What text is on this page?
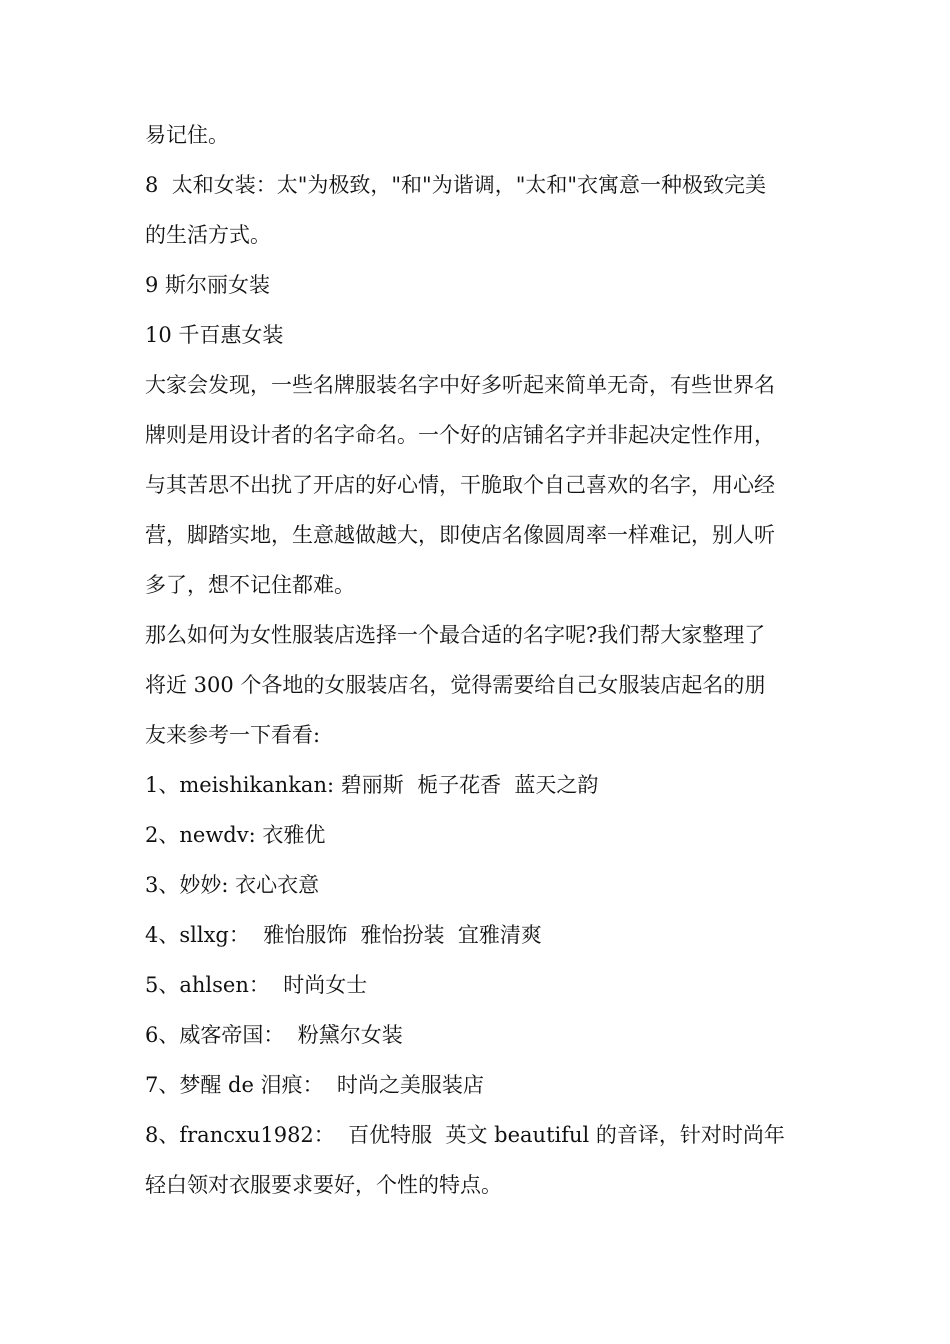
易记住。

8  太和女装：太"为极致，"和"为谐调，"太和"衣寓意一种极致完美

的生活方式。

9 斯尔丽女装

10 千百惠女装

大家会发现，一些名牌服装名字中好多听起来简单无奇，有些世界名

牌则是用设计者的名字命名。一个好的店铺名字并非起决定性作用，

与其苦思不出扰了开店的好心情，干脆取个自己喜欢的名字，用心经

营，脚踏实地，生意越做越大，即使店名像圆周率一样难记，别人听

多了，想不记住都难。

那么如何为女性服装店选择一个最合适的名字呢?我们帮大家整理了

将近 300 个各地的女服装店名，觉得需要给自己女服装店起名的朋

友来参考一下看看:

1、meishikankan: 碧丽斯  栀子花香  蓝天之韵

2、newdv: 衣雅优

3、妙妙: 衣心衣意

4、sllxg：  雅怡服饰  雅怡扮装  宜雅清爽

5、ahlsen：  时尚女士

6、威客帝国：  粉黛尔女装

7、梦醒 de 泪痕：  时尚之美服装店

8、francxu1982：  百优特服  英文 beautiful 的音译，针对时尚年

轻白领对衣服要求要好，个性的特点。
